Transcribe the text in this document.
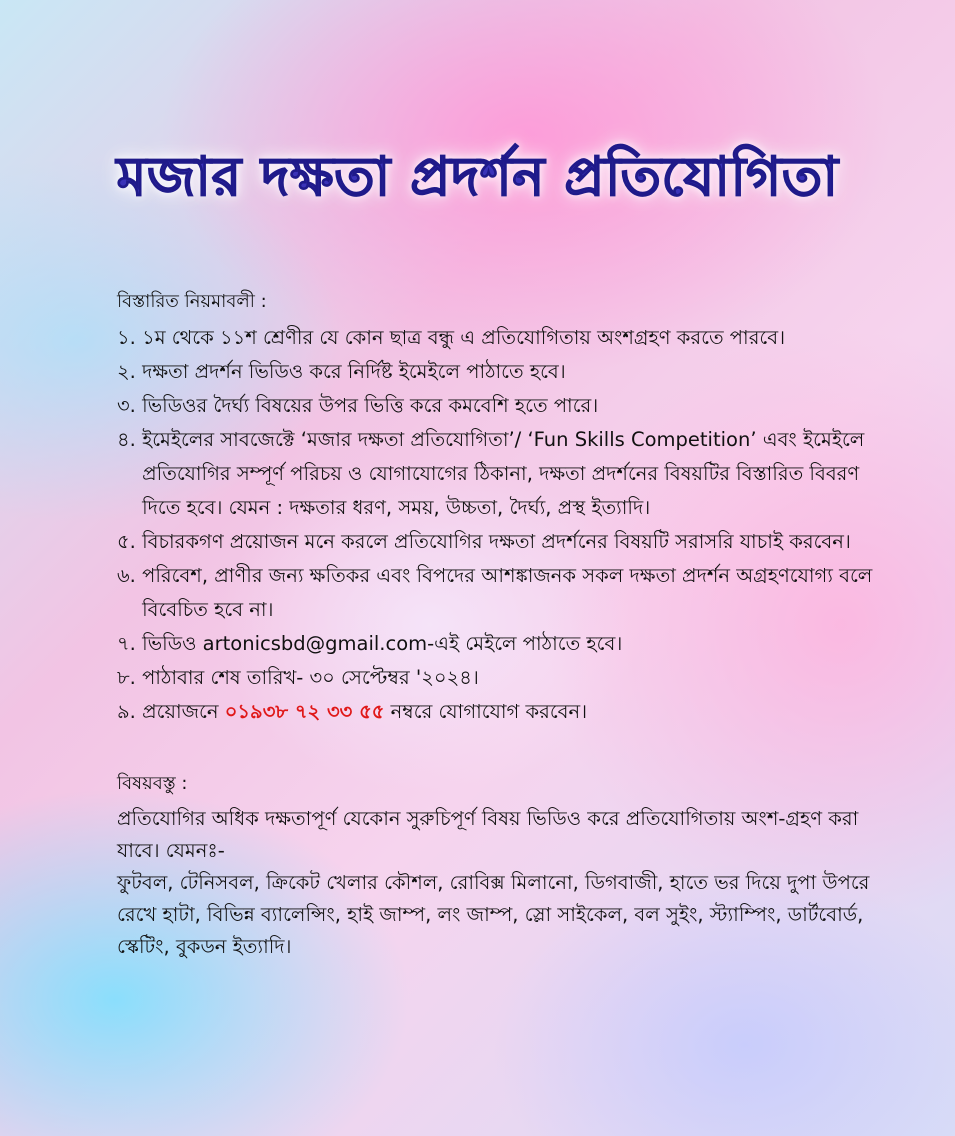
মজার দক্ষতা প্রদর্শন প্রতিযোগিতা
বিস্তারিত নিয়মাবলী :
১. ১ম থেকে ১১শ শ্রেণীর যে কোন ছাত্র বন্ধু এ প্রতিযোগিতায় অংশগ্রহণ করতে পারবে।
২. দক্ষতা প্রদর্শন ভিডিও করে নির্দিষ্ট ইমেইলে পাঠাতে হবে।
৩. ভিডিওর দৈর্ঘ্য বিষয়ের উপর ভিত্তি করে কমবেশি হতে পারে।
৪. ইমেইলের সাবজেক্টে ‘মজার দক্ষতা প্রতিযোগিতা’/ ‘Fun Skills Competition’ এবং ইমেইলে প্রতিযোগির সম্পূর্ণ পরিচয় ও যোগাযোগের ঠিকানা, দক্ষতা প্রদর্শনের বিষয়টির বিস্তারিত বিবরণ দিতে হবে। যেমন : দক্ষতার ধরণ, সময়, উচ্চতা, দৈর্ঘ্য, প্রস্থ ইত্যাদি।
৫. বিচারকগণ প্রয়োজন মনে করলে প্রতিযোগির দক্ষতা প্রদর্শনের বিষয়টি সরাসরি যাচাই করবেন।
৬. পরিবেশ, প্রাণীর জন্য ক্ষতিকর এবং বিপদের আশঙ্কাজনক সকল দক্ষতা প্রদর্শন অগ্রহণযোগ্য বলে বিবেচিত হবে না।
৭. ভিডিও artonicsbd@gmail.com-এই মেইলে পাঠাতে হবে।
৮. পাঠাবার শেষ তারিখ- ৩০ সেপ্টেম্বর '২০২৪।
৯. প্রয়োজনে ০১৯৩৮ ৭২ ৩৩ ৫৫ নম্বরে যোগাযোগ করবেন।
বিষয়বস্তু :
প্রতিযোগির অধিক দক্ষতাপূর্ণ যেকোন সুরুচিপূর্ণ বিষয় ভিডিও করে প্রতিযোগিতায় অংশ-গ্রহণ করা যাবে। যেমনঃ-
ফুটবল, টেনিসবল, ক্রিকেট খেলার কৌশল, রোবিক্স মিলানো, ডিগবাজী, হাতে ভর দিয়ে দুপা উপরে রেখে হাটা, বিভিন্ন ব্যালেন্সিং, হাই জাম্প, লং জাম্প, স্লো সাইকেল, বল সুইং, স্ট্যাম্পিং, ডার্টবোর্ড, স্কেটিং, বুকডন ইত্যাদি।
